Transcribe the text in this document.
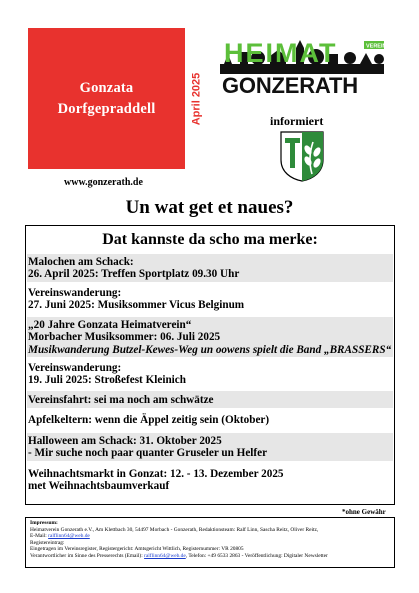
Gonzata
Dorfgepraddell	April 2025
www.gonzerath.de
HEIMAT	VEREIN
GONZERATH
informiert
Un wat get et naues?
Dat kannste da scho ma merke:
Malochen am Schack:
26. April 2025: Treffen Sportplatz 09.30 Uhr
Vereinswanderung:
27. Juni 2025: Musiksommer Vicus Belginum
„20 Jahre Gonzata Heimatverein“
Morbacher Musiksommer: 06. Juli 2025
Musikwanderung Butzel-Kewes-Weg un oowens spielt die Band „BRASSERS“
Vereinswanderung:
19. Juli 2025: Stroßefest Kleinich
Vereinsfahrt: sei ma noch am schwätze
Apfelkeltern: wenn die Äppel zeitig sein (Oktober)
Halloween am Schack: 31. Oktober 2025
- Mir suche noch paar quanter Gruseler un Helfer
Weihnachtsmarkt in Gonzat: 12. - 13. Dezember 2025
met Weihnachtsbaumverkauf
*ohne Gewähr
Impressum:
Heimatverein Gonzerath e.V., Am Klettbach 30, 54497 Morbach - Gonzerath, Redaktionsteam: Ralf Linn, Sascha Reitz, Oliver Reitz,
E-Mail: ralflinn64@web.de
Registereintrag:
Eingetragen im Vereinsregister, Registergericht: Amtsgericht Wittlich, Registernummer: VR 20805
Verantwortlicher im Sinne des Presserechts (Email): ralflinn64@web.de, Telefon: +49 6533 2863 - Veröffentlichung: Digitaler Newsletter
